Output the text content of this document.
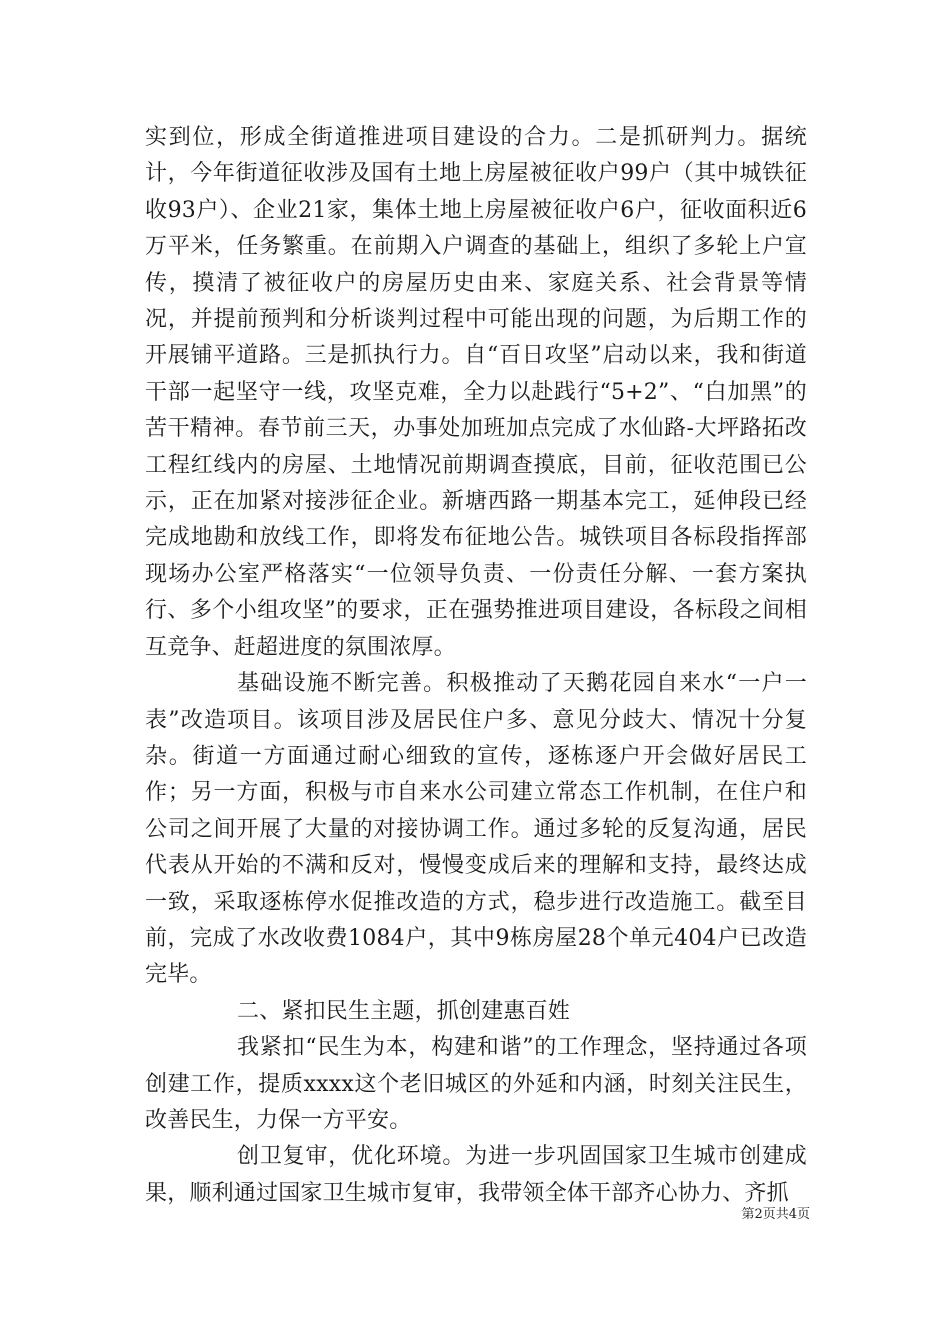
实到位，形成全街道推进项目建设的合力。二是抓研判力。据统计，今年街道征收涉及国有土地上房屋被征收户99户（其中城铁征收93户）、企业21家，集体土地上房屋被征收户6户，征收面积近6万平米，任务繁重。在前期入户调查的基础上，组织了多轮上户宣传，摸清了被征收户的房屋历史由来、家庭关系、社会背景等情况，并提前预判和分析谈判过程中可能出现的问题，为后期工作的开展铺平道路。三是抓执行力。自“百日攻坚”启动以来，我和街道干部一起坚守一线，攻坚克难，全力以赴践行“5+2”、“白加黑”的苦干精神。春节前三天，办事处加班加点完成了水仙路-大坪路拓改工程红线内的房屋、土地情况前期调查摸底，目前，征收范围已公示，正在加紧对接涉征企业。新塘西路一期基本完工，延伸段已经完成地勘和放线工作，即将发布征地公告。城铁项目各标段指挥部现场办公室严格落实“一位领导负责、一份责任分解、一套方案执行、多个小组攻坚”的要求，正在强势推进项目建设，各标段之间相互竞争、赶超进度的氛围浓厚。

基础设施不断完善。积极推动了天鹅花园自来水“一户一表”改造项目。该项目涉及居民住户多、意见分歧大、情况十分复杂。街道一方面通过耐心细致的宣传，逐栋逐户开会做好居民工作；另一方面，积极与市自来水公司建立常态工作机制，在住户和公司之间开展了大量的对接协调工作。通过多轮的反复沟通，居民代表从开始的不满和反对，慢慢变成后来的理解和支持，最终达成一致，采取逐栋停水促推改造的方式，稳步进行改造施工。截至目前，完成了水改收费1084户，其中9栋房屋28个单元404户已改造完毕。

二、紧扣民生主题，抓创建惠百姓

我紧扣“民生为本，构建和谐”的工作理念，坚持通过各项创建工作，提质xxxx这个老旧城区的外延和内涵，时刻关注民生，改善民生，力保一方平安。

创卫复审，优化环境。为进一步巩固国家卫生城市创建成果，顺利通过国家卫生城市复审，我带领全体干部齐心协力、齐抓

第2页共4页
